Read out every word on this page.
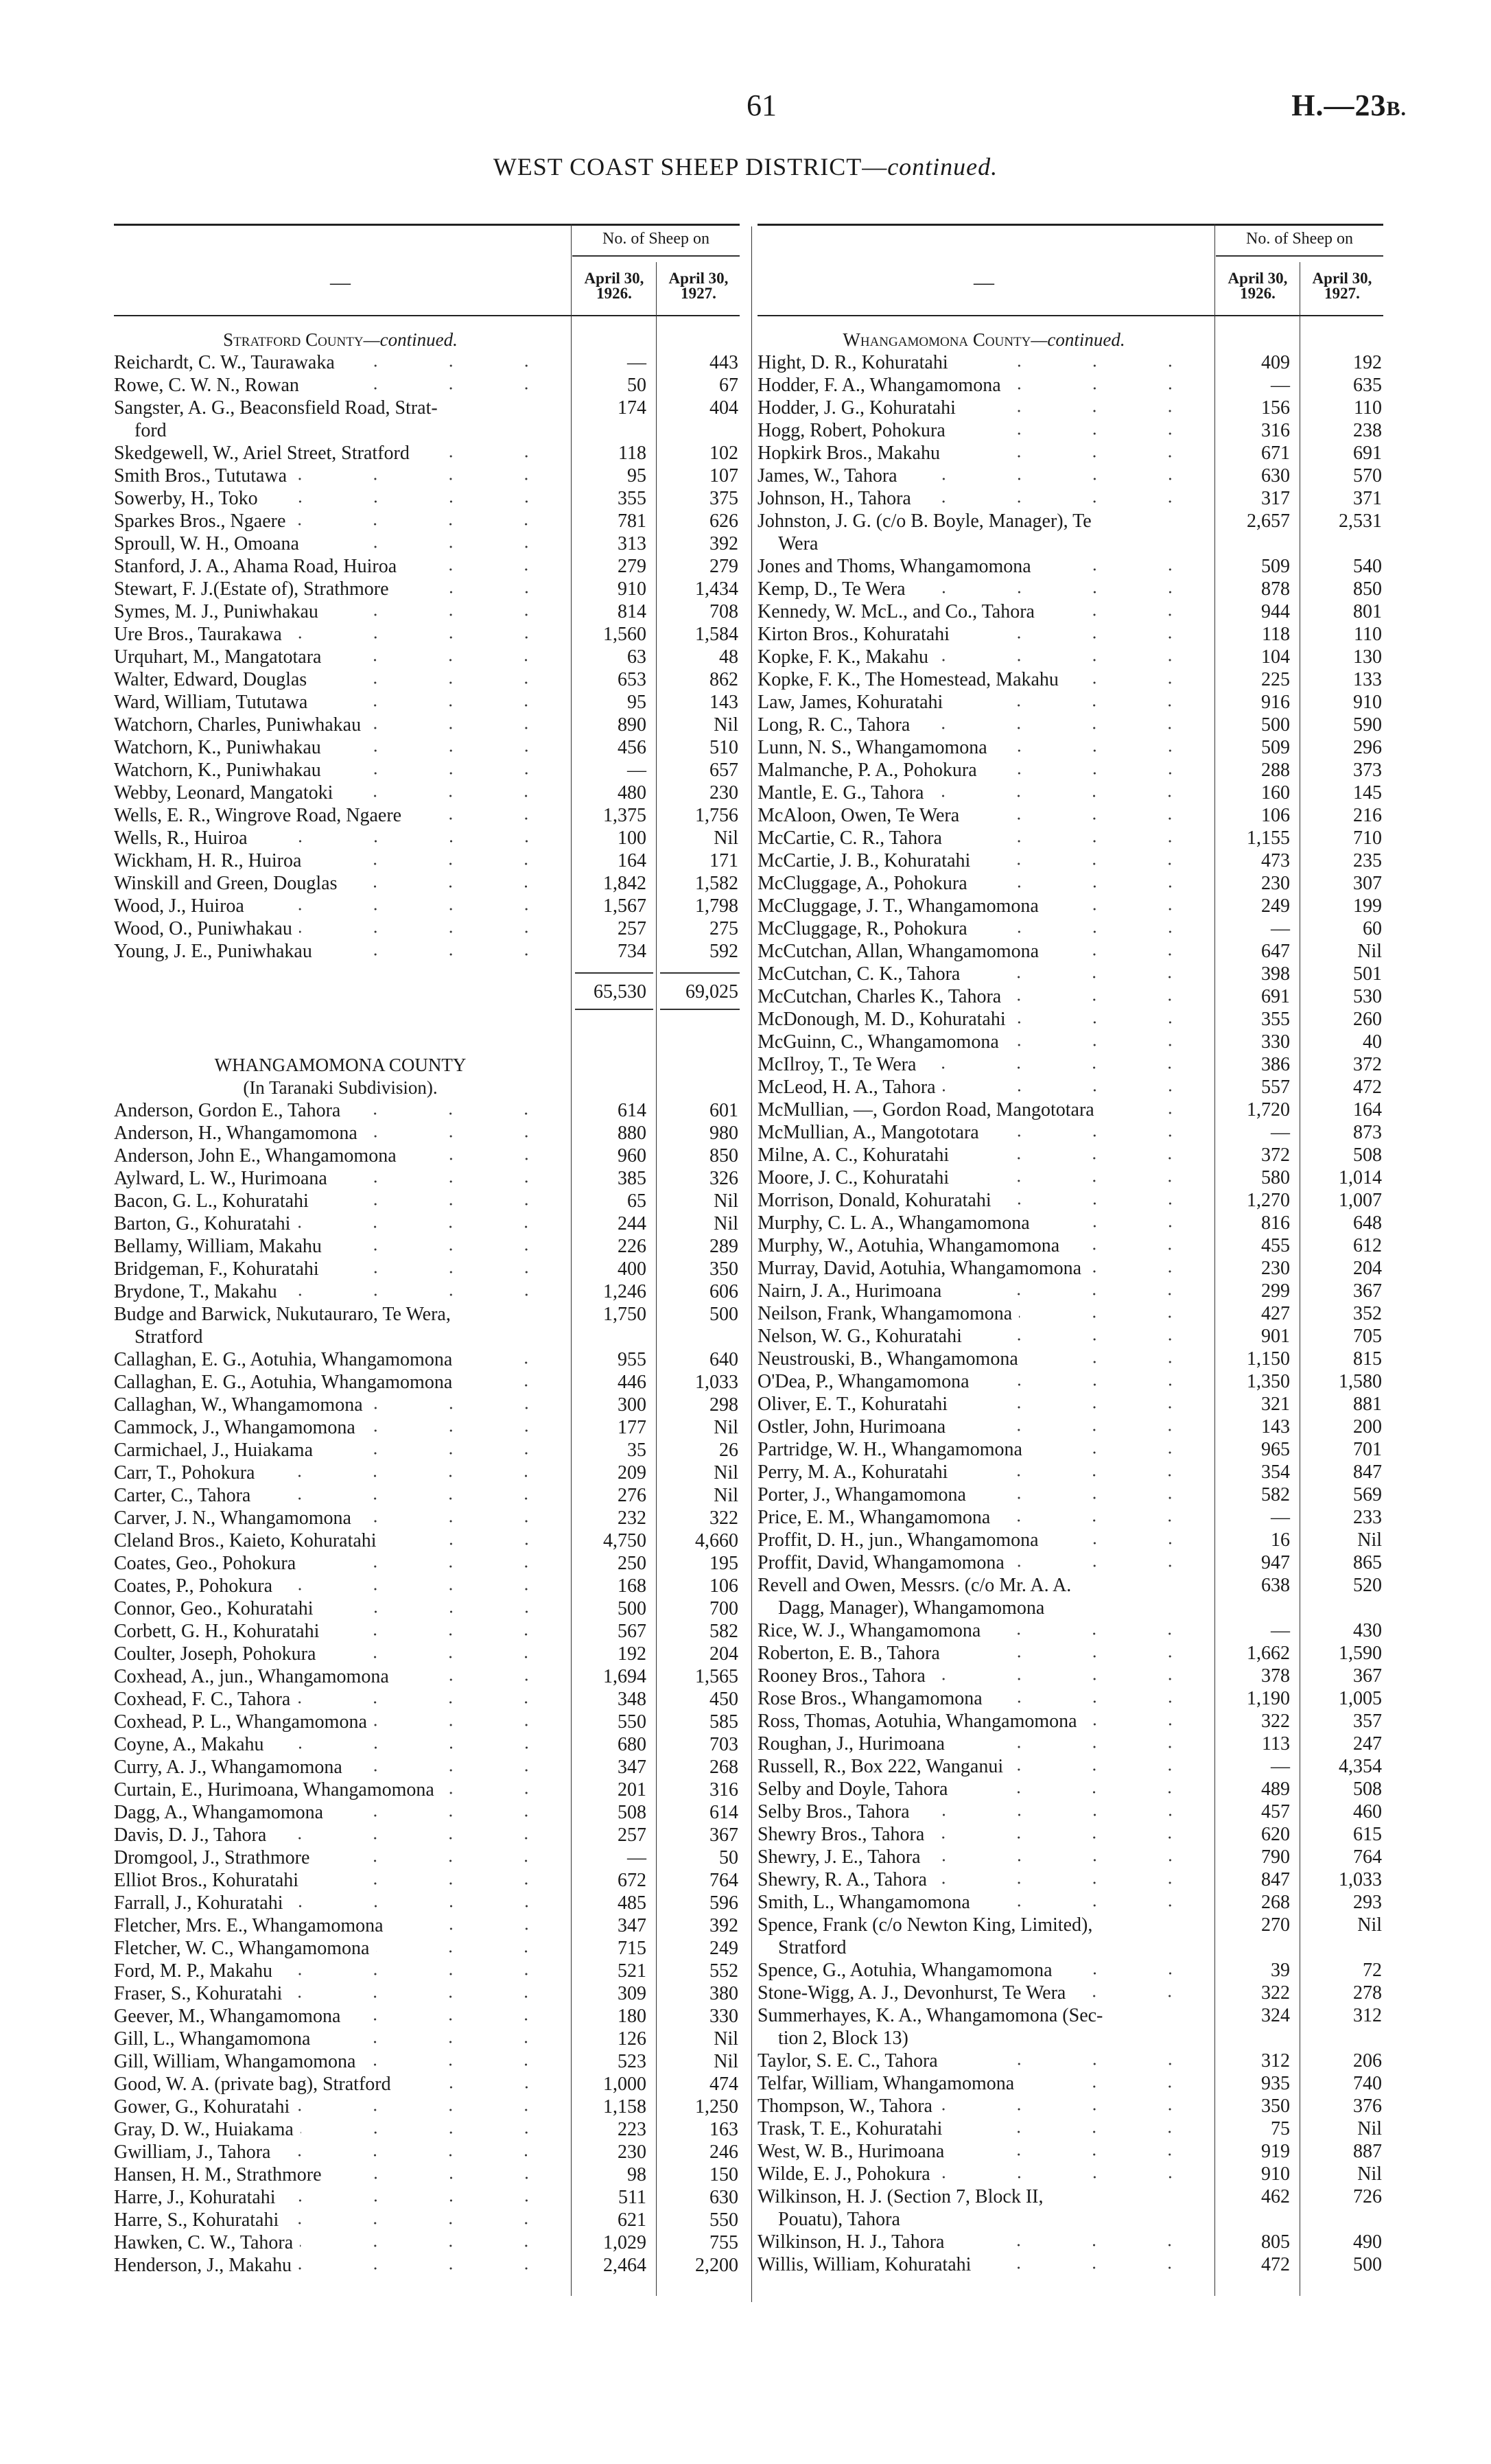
61	H.—23B.
WEST COAST SHEEP DISTRICT—continued.
—
No. of Sheep on
April 30,
1926.
April 30,
1927.
Stratford County—continued.
Reichardt, C. W., Taurawaka	—	443
Rowe, C. W. N., Rowan	50	67
Sangster, A. G., Beaconsfield Road, Strat-
ford
174	404
Skedgewell, W., Ariel Street, Stratford	118	102
Smith Bros., Tututawa	95	107
Sowerby, H., Toko	355	375
Sparkes Bros., Ngaere	781	626
Sproull, W. H., Omoana	313	392
Stanford, J. A., Ahama Road, Huiroa	279	279
Stewart, F. J.(Estate of), Strathmore	910	1,434
Symes, M. J., Puniwhakau	814	708
Ure Bros., Taurakawa	1,560	1,584
Urquhart, M., Mangatotara	63	48
Walter, Edward, Douglas	653	862
Ward, William, Tututawa	95	143
Watchorn, Charles, Puniwhakau	890	Nil
Watchorn, K., Puniwhakau	456	510
Watchorn, K., Puniwhakau	—	657
Webby, Leonard, Mangatoki	480	230
Wells, E. R., Wingrove Road, Ngaere	1,375	1,756
Wells, R., Huiroa	100	Nil
Wickham, H. R., Huiroa	164	171
Winskill and Green, Douglas	1,842	1,582
Wood, J., Huiroa	1,567	1,798
Wood, O., Puniwhakau	257	275
Young, J. E., Puniwhakau	734	592
65,530	69,025
WHANGAMOMONA COUNTY
(In Taranaki Subdivision).
Anderson, Gordon E., Tahora	614	601
Anderson, H., Whangamomona	880	980
Anderson, John E., Whangamomona	960	850
Aylward, L. W., Hurimoana	385	326
Bacon, G. L., Kohuratahi	65	Nil
Barton, G., Kohuratahi	244	Nil
Bellamy, William, Makahu	226	289
Bridgeman, F., Kohuratahi	400	350
Brydone, T., Makahu	1,246	606
Budge and Barwick, Nukutauraro, Te Wera,
Stratford
1,750	500
Callaghan, E. G., Aotuhia, Whangamomona	955	640
Callaghan, E. G., Aotuhia, Whangamomona	446	1,033
Callaghan, W., Whangamomona	300	298
Cammock, J., Whangamomona	177	Nil
Carmichael, J., Huiakama	35	26
Carr, T., Pohokura	209	Nil
Carter, C., Tahora	276	Nil
Carver, J. N., Whangamomona	232	322
Cleland Bros., Kaieto, Kohuratahi	4,750	4,660
Coates, Geo., Pohokura	250	195
Coates, P., Pohokura	168	106
Connor, Geo., Kohuratahi	500	700
Corbett, G. H., Kohuratahi	567	582
Coulter, Joseph, Pohokura	192	204
Coxhead, A., jun., Whangamomona	1,694	1,565
Coxhead, F. C., Tahora	348	450
Coxhead, P. L., Whangamomona	550	585
Coyne, A., Makahu	680	703
Curry, A. J., Whangamomona	347	268
Curtain, E., Hurimoana, Whangamomona	201	316
Dagg, A., Whangamomona	508	614
Davis, D. J., Tahora	257	367
Dromgool, J., Strathmore	—	50
Elliot Bros., Kohuratahi	672	764
Farrall, J., Kohuratahi	485	596
Fletcher, Mrs. E., Whangamomona	347	392
Fletcher, W. C., Whangamomona	715	249
Ford, M. P., Makahu	521	552
Fraser, S., Kohuratahi	309	380
Geever, M., Whangamomona	180	330
Gill, L., Whangamomona	126	Nil
Gill, William, Whangamomona	523	Nil
Good, W. A. (private bag), Stratford	1,000	474
Gower, G., Kohuratahi	1,158	1,250
Gray, D. W., Huiakama	223	163
Gwilliam, J., Tahora	230	246
Hansen, H. M., Strathmore	98	150
Harre, J., Kohuratahi	511	630
Harre, S., Kohuratahi	621	550
Hawken, C. W., Tahora	1,029	755
Henderson, J., Makahu	2,464	2,200
—
No. of Sheep on
April 30,
1926.
April 30,
1927.
Whangamomona County—continued.
Hight, D. R., Kohuratahi	409	192
Hodder, F. A., Whangamomona	—	635
Hodder, J. G., Kohuratahi	156	110
Hogg, Robert, Pohokura	316	238
Hopkirk Bros., Makahu	671	691
James, W., Tahora	630	570
Johnson, H., Tahora	317	371
Johnston, J. G. (c/o B. Boyle, Manager), Te
Wera
2,657	2,531
Jones and Thoms, Whangamomona	509	540
Kemp, D., Te Wera	878	850
Kennedy, W. McL., and Co., Tahora	944	801
Kirton Bros., Kohuratahi	118	110
Kopke, F. K., Makahu	104	130
Kopke, F. K., The Homestead, Makahu	225	133
Law, James, Kohuratahi	916	910
Long, R. C., Tahora	500	590
Lunn, N. S., Whangamomona	509	296
Malmanche, P. A., Pohokura	288	373
Mantle, E. G., Tahora	160	145
McAloon, Owen, Te Wera	106	216
McCartie, C. R., Tahora	1,155	710
McCartie, J. B., Kohuratahi	473	235
McCluggage, A., Pohokura	230	307
McCluggage, J. T., Whangamomona	249	199
McCluggage, R., Pohokura	—	60
McCutchan, Allan, Whangamomona	647	Nil
McCutchan, C. K., Tahora	398	501
McCutchan, Charles K., Tahora	691	530
McDonough, M. D., Kohuratahi	355	260
McGuinn, C., Whangamomona	330	40
McIlroy, T., Te Wera	386	372
McLeod, H. A., Tahora	557	472
McMullian, —, Gordon Road, Mangototara	1,720	164
McMullian, A., Mangototara	—	873
Milne, A. C., Kohuratahi	372	508
Moore, J. C., Kohuratahi	580	1,014
Morrison, Donald, Kohuratahi	1,270	1,007
Murphy, C. L. A., Whangamomona	816	648
Murphy, W., Aotuhia, Whangamomona	455	612
Murray, David, Aotuhia, Whangamomona	230	204
Nairn, J. A., Hurimoana	299	367
Neilson, Frank, Whangamomona	427	352
Nelson, W. G., Kohuratahi	901	705
Neustrouski, B., Whangamomona	1,150	815
O'Dea, P., Whangamomona	1,350	1,580
Oliver, E. T., Kohuratahi	321	881
Ostler, John, Hurimoana	143	200
Partridge, W. H., Whangamomona	965	701
Perry, M. A., Kohuratahi	354	847
Porter, J., Whangamomona	582	569
Price, E. M., Whangamomona	—	233
Proffit, D. H., jun., Whangamomona	16	Nil
Proffit, David, Whangamomona	947	865
Revell and Owen, Messrs. (c/o Mr. A. A.
Dagg, Manager), Whangamomona
638	520
Rice, W. J., Whangamomona	—	430
Roberton, E. B., Tahora	1,662	1,590
Rooney Bros., Tahora	378	367
Rose Bros., Whangamomona	1,190	1,005
Ross, Thomas, Aotuhia, Whangamomona	322	357
Roughan, J., Hurimoana	113	247
Russell, R., Box 222, Wanganui	—	4,354
Selby and Doyle, Tahora	489	508
Selby Bros., Tahora	457	460
Shewry Bros., Tahora	620	615
Shewry, J. E., Tahora	790	764
Shewry, R. A., Tahora	847	1,033
Smith, L., Whangamomona	268	293
Spence, Frank (c/o Newton King, Limited),
Stratford
270	Nil
Spence, G., Aotuhia, Whangamomona	39	72
Stone-Wigg, A. J., Devonhurst, Te Wera	322	278
Summerhayes, K. A., Whangamomona (Sec-
tion 2, Block 13)
324	312
Taylor, S. E. C., Tahora	312	206
Telfar, William, Whangamomona	935	740
Thompson, W., Tahora	350	376
Trask, T. E., Kohuratahi	75	Nil
West, W. B., Hurimoana	919	887
Wilde, E. J., Pohokura	910	Nil
Wilkinson, H. J. (Section 7, Block II,
Pouatu), Tahora
462	726
Wilkinson, H. J., Tahora	805	490
Willis, William, Kohuratahi	472	500
